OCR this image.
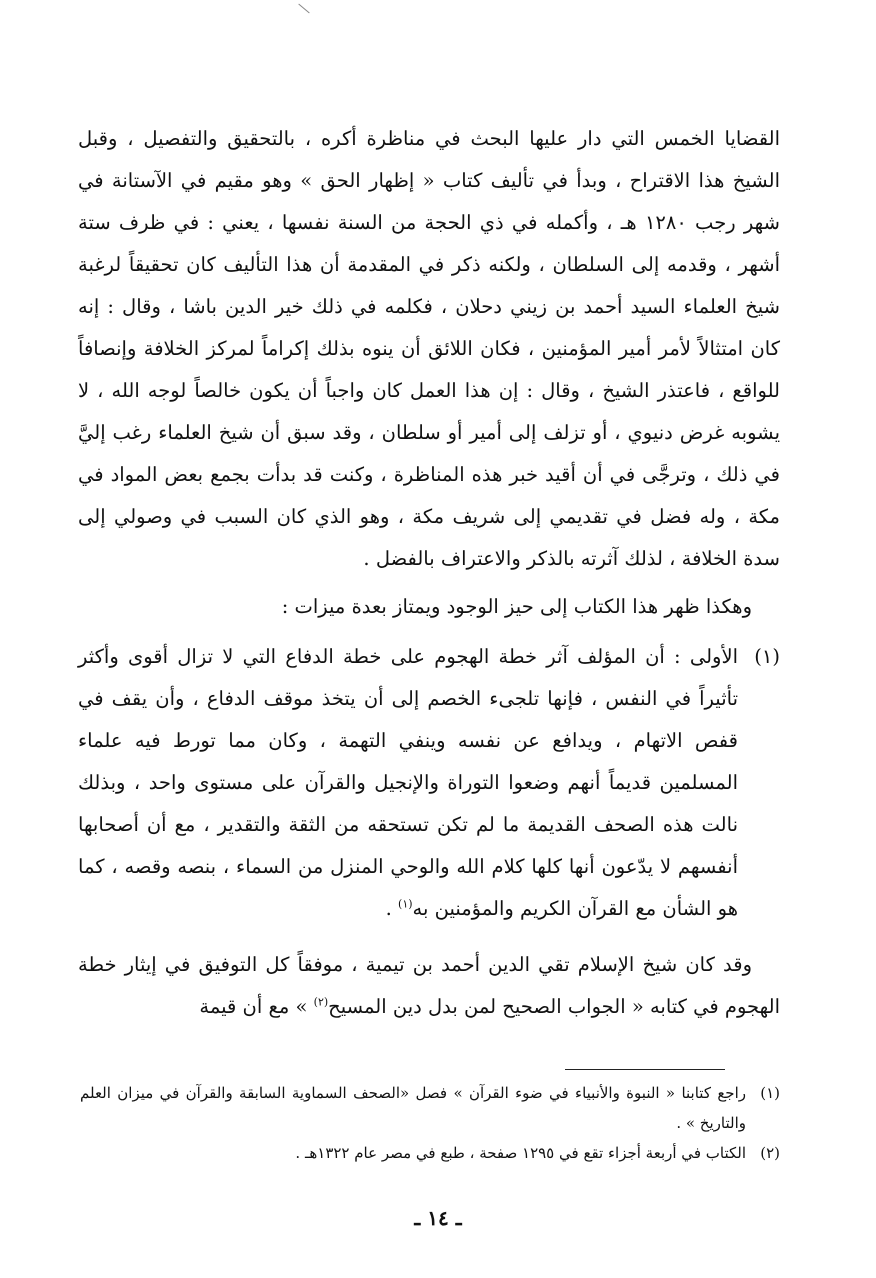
القضايا الخمس التي دار عليها البحث في مناظرة أكره ، بالتحقيق والتفصيل ، وقبل الشيخ هذا الاقتراح ، وبدأ في تأليف كتاب « إظهار الحق » وهو مقيم في الآستانة في شهر رجب ١٢٨٠ هـ ، وأكمله في ذي الحجة من السنة نفسها ، يعني : في ظرف ستة أشهر ، وقدمه إلى السلطان ، ولكنه ذكر في المقدمة أن هذا التأليف كان تحقيقاً لرغبة شيخ العلماء السيد أحمد بن زيني دحلان ، فكلمه في ذلك خير الدين باشا ، وقال : إنه كان امتثالاً لأمر أمير المؤمنين ، فكان اللائق أن ينوه بذلك إكراماً لمركز الخلافة وإنصافاً للواقع ، فاعتذر الشيخ ، وقال : إن هذا العمل كان واجباً أن يكون خالصاً لوجه الله ، لا يشوبه غرض دنيوي ، أو تزلف إلى أمير أو سلطان ، وقد سبق أن شيخ العلماء رغب إليَّ في ذلك ، وترجَّى في أن أقيد خبر هذه المناظرة ، وكنت قد بدأت بجمع بعض المواد في مكة ، وله فضل في تقديمي إلى شريف مكة ، وهو الذي كان السبب في وصولي إلى سدة الخلافة ، لذلك آثرته بالذكر والاعتراف بالفضل .

وهكذا ظهر هذا الكتاب إلى حيز الوجود ويمتاز بعدة ميزات :

(١)
الأولى : أن المؤلف آثر خطة الهجوم على خطة الدفاع التي لا تزال أقوى وأكثر تأثيراً في النفس ، فإنها تلجىء الخصم إلى أن يتخذ موقف الدفاع ، وأن يقف في قفص الاتهام ، ويدافع عن نفسه وينفي التهمة ، وكان مما تورط فيه علماء المسلمين قديماً أنهم وضعوا التوراة والإنجيل والقرآن على مستوى واحد ، وبذلك نالت هذه الصحف القديمة ما لم تكن تستحقه من الثقة والتقدير ، مع أن أصحابها أنفسهم لا يدّعون أنها كلها كلام الله والوحي المنزل من السماء ، بنصه وقصه ، كما هو الشأن مع القرآن الكريم والمؤمنين به$^{(١)}$ .

وقد كان شيخ الإسلام تقي الدين أحمد بن تيمية ، موفقاً كل التوفيق في إيثار خطة الهجوم في كتابه « الجواب الصحيح لمن بدل دين المسيح$^{(٢)}$ » مع أن قيمة

(١)
راجع كتابنا « النبوة والأنبياء في ضوء القرآن » فصل «الصحف السماوية السابقة والقرآن في ميزان العلم والتاريخ » .
(٢)
الكتاب في أربعة أجزاء تقع في ١٢٩٥ صفحة ، طبع في مصر عام ١٣٢٢هـ .
ـ ١٤ ـ
